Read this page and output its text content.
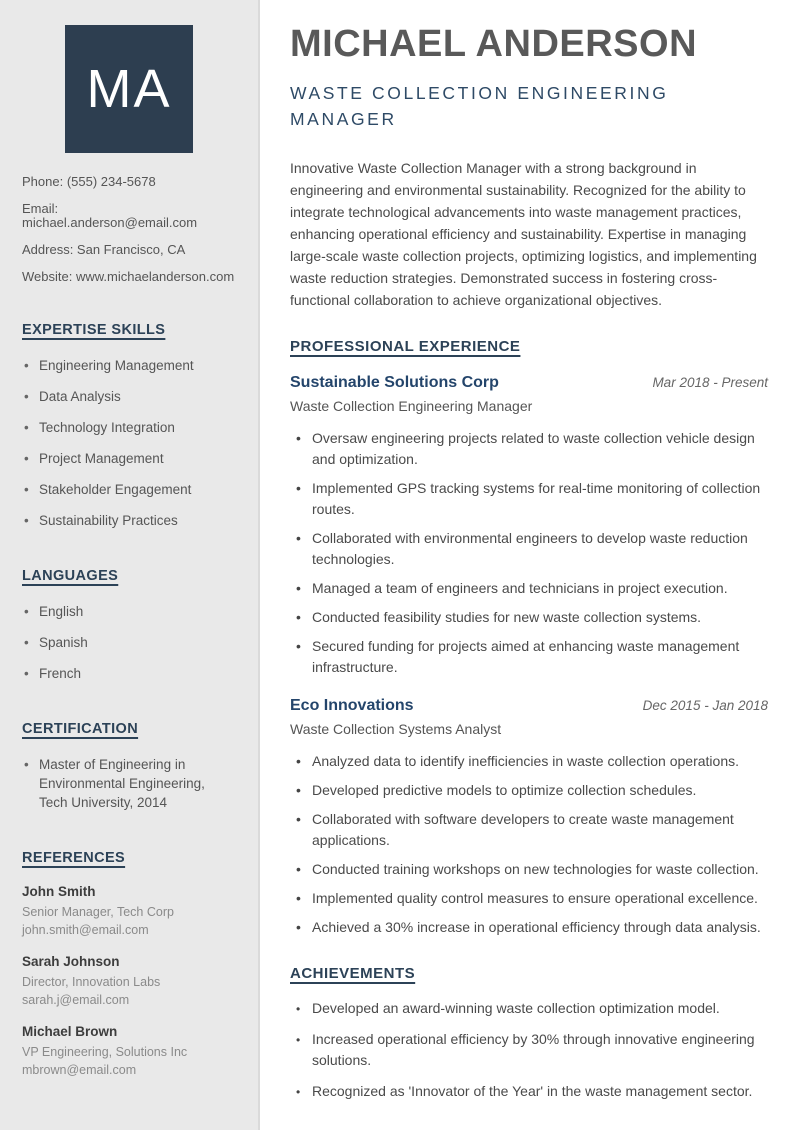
MA

Phone: (555) 234-5678

Email: michael.anderson@email.com

Address: San Francisco, CA

Website: www.michaelanderson.com

EXPERTISE SKILLS
• Engineering Management
• Data Analysis
• Technology Integration
• Project Management
• Stakeholder Engagement
• Sustainability Practices
LANGUAGES
• English
• Spanish
• French
CERTIFICATION
• Master of Engineering in Environmental Engineering, Tech University, 2014
REFERENCES

John Smith

Senior Manager, Tech Corp

john.smith@email.com

Sarah Johnson

Director, Innovation Labs

sarah.j@email.com

Michael Brown

VP Engineering, Solutions Inc

mbrown@email.com

MICHAEL ANDERSON

WASTE COLLECTION ENGINEERING MANAGER

Innovative Waste Collection Manager with a strong background in engineering and environmental sustainability. Recognized for the ability to integrate technological advancements into waste management practices, enhancing operational efficiency and sustainability. Expertise in managing large-scale waste collection projects, optimizing logistics, and implementing waste reduction strategies. Demonstrated success in fostering cross-functional collaboration to achieve organizational objectives.

PROFESSIONAL EXPERIENCE
Sustainable Solutions Corp	Mar 2018 - Present

Waste Collection Engineering Manager

• Oversaw engineering projects related to waste collection vehicle design and optimization.
• Implemented GPS tracking systems for real-time monitoring of collection routes.
• Collaborated with environmental engineers to develop waste reduction technologies.
• Managed a team of engineers and technicians in project execution.
• Conducted feasibility studies for new waste collection systems.
• Secured funding for projects aimed at enhancing waste management infrastructure.
Eco Innovations	Dec 2015 - Jan 2018

Waste Collection Systems Analyst

• Analyzed data to identify inefficiencies in waste collection operations.
• Developed predictive models to optimize collection schedules.
• Collaborated with software developers to create waste management applications.
• Conducted training workshops on new technologies for waste collection.
• Implemented quality control measures to ensure operational excellence.
• Achieved a 30% increase in operational efficiency through data analysis.
ACHIEVEMENTS
• Developed an award-winning waste collection optimization model.
• Increased operational efficiency by 30% through innovative engineering solutions.
• Recognized as 'Innovator of the Year' in the waste management sector.
